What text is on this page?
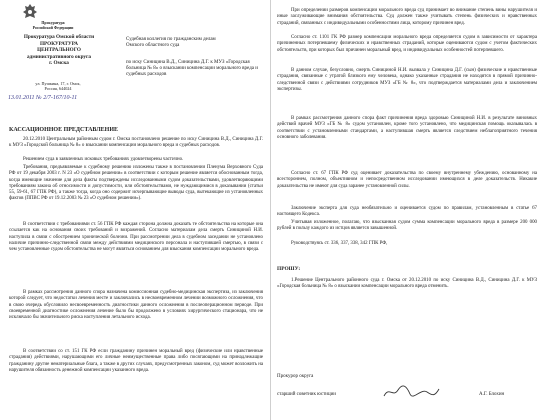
Прокуратура
Российской Федерации
Прокуратура Омской области
ПРОКУРАТУРА
ЦЕНТРАЛЬНОГО
административного округа
г. Омска
ул. Пушкина, 17, г. Омск,
Россия, 644024
13.01.2011 № 2/7-167/10-11
Судебная коллегия по гражданским делам
Омского областного суда
по иску Синицина В.Д., Синицина Д.Г. к МУЗ «Городская больница № 8» о взыскании компенсации морального вреда и судебных расходов
КАССАЦИОННОЕ ПРЕДСТАВЛЕНИЕ

20.12.2010 Центральным районным судом г. Омска постановлено решение по иску Синицина В.Д., Синицина Д.Г. к МУЗ «Городской больница № 8» о взыскании компенсации морального вреда и судебных расходов.

Решением суда в заявленных исковых требованиях удовлетворены частично.

Требования, предъявляемые к судебному решению изложены также в постановлении Пленума Верховного Суда РФ от 19 декабря 2003 г. N 23 «О судебном решении» в соответствии с которым решение является обоснованным тогда, когда имеющие значение для дела факты подтверждены исследованными судом доказательствами, удовлетворяющими требованиям закона об относимости и допустимости, или обстоятельствами, не нуждающимися в доказывании (статьи 55, 59-61, 67 ГПК РФ), а также тогда, когда оно содержит исчерпывающие выводы суда, вытекающие из установленных фактов (ППВС РФ от 19.12.2003 № 23 «О судебном решении»).

В соответствии с требованиями ст. 56 ГПК РФ каждая сторона должна доказать те обстоятельства на которые она ссылается как на основания своих требований и возражений. Согласно материалам дела смерть Синициной Н.И. наступила в связи с обострением хронической болезни. При рассмотрении дела в судебном заседании не установлено наличие причинно-следственной связи между действиями медицинского персонала и наступившей смертью, в связи с чем установленные судом обстоятельства не могут являться основанием для взыскания компенсации морального вреда.

В рамках рассмотрения данного спора назначена комиссионная судебно-медицинская экспертиза, из заключения которой следует, что недостатки лечения месте и заключались в несвоевременном лечении возможного осложнения, что в свою очередь обусловило несвоевременность диагностики данного осложнения в послеоперационном периоде. При своевременной диагностике осложнения лечение было бы продолжено в условиях хирургического стационара, что не исключало бы значительного риска наступления летального исхода.

В соответствии со ст. 151 ГК РФ если гражданину причинен моральный вред (физические или нравственные страдания) действиями, нарушающими его личные неимущественные права либо посягающими на принадлежащие гражданину другие нематериальные блага, а также в других случаях, предусмотренных законом, суд может возложить на нарушителя обязанность денежной компенсации указанного вреда.

При определении размеров компенсации морального вреда суд принимает во внимание степень вины нарушителя и иные заслуживающие внимания обстоятельства. Суд должен также учитывать степень физических и нравственных страданий, связанных с индивидуальными особенностями лица, которому причинен вред.

Согласно ст. 1101 ГК РФ размер компенсации морального вреда определяется судом в зависимости от характера причиненных потерпевшему физических и нравственных страданий, которые оцениваются судом с учетом фактических обстоятельств, при которых был причинен моральный вред, и индивидуальных особенностей потерпевшего.

В данном случае, безусловно, смерть Синициной Н.И. вызвала у Синицина Д.Г. (сын) физические и нравственные страдания, связанные с утратой близкого ему человека, однако указанные страдания не находятся в прямой причинно-следственной связи с действиями сотрудников МУЗ «ГБ № 8», что подтверждается материалами дела и заключением экспертизы.

В рамках рассмотрения данного спора факт причинения вреда здоровью Синициной Н.И. в результате виновных действий врачей МУЗ «ГБ № 8» судом установлен, кроме того установлено, что медицинская помощь оказывалась в соответствии с установленными стандартами, а наступившая смерть является следствием неблагоприятного течения основного заболевания.

Согласно ст. 67 ГПК РФ суд оценивает доказательства по своему внутреннему убеждению, основанному на всестороннем, полном, объективном и непосредственном исследовании имеющихся в деле доказательств. Никакие доказательства не имеют для суда заранее установленной силы.

Заключение эксперта для суда необязательно и оценивается судом по правилам, установленным в статье 67 настоящего Кодекса.

Учитывая изложенное, полагаю, что взысканная судом сумма компенсации морального вреда в размере 200 000 рублей в пользу каждого из истцов является завышенной.

Руководствуясь ст. 336, 337, 338, 342 ГПК РФ,

ПРОШУ:

1.Решение Центрального районного суда г. Омска от 20.12.2010 по иску Синицина В.Д., Синицина Д.Г. к МУЗ «Городская больница № 8» о взыскании компенсации морального вреда отменить.

Прокурор округа
старший советник юстиции	А.Г. Блохин
